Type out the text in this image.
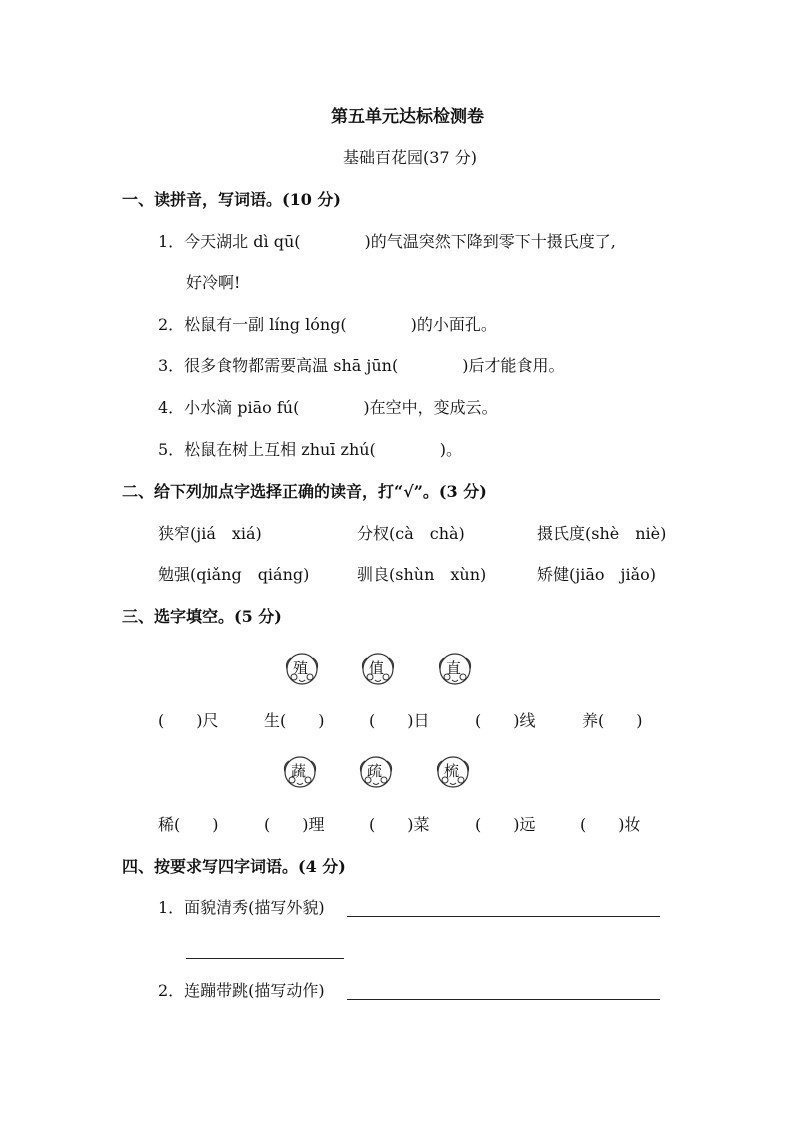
第五单元达标检测卷
基础百花园(37 分)
一、读拼音，写词语。(10 分)
1．今天湖北 dì qū(　　　　)的气温突然下降到零下十摄氏度了,
好冷啊!
2．松鼠有一副 líng lóng(　　　　)的小面孔。
3．很多食物都需要高温 shā jūn(　　　　)后才能食用。
4．小水滴 piāo fú(　　　　)在空中，变成云。
5．松鼠在树上互相 zhuī zhú(　　　　)。
二、给下列加点字选择正确的读音，打“√”。(3 分)
狭窄(jiá　xiá)	分杈(cà　chà)	摄氏度(shè　niè)
勉强(qiǎng　qiáng)	驯良(shùn　xùn)	矫健(jiāo　jiǎo)
三、选字填空。(5 分)
殖	值	直
(　　)尺	生(　　)	(　　)日	(　　)线	养(　　)
蔬	疏	梳
稀(　　)	(　　)理	(　　)菜	(　　)远	(　　)妆
四、按要求写四字词语。(4 分)
1．面貌清秀(描写外貌)
2．连蹦带跳(描写动作)
